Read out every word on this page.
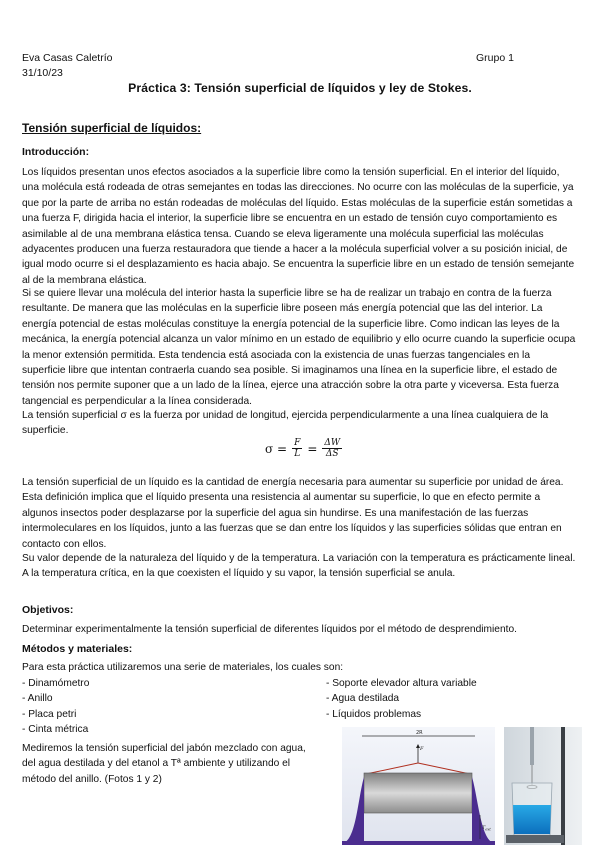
Eva Casas Caletrío
31/10/23
Grupo 1
Práctica 3: Tensión superficial de líquidos y ley de Stokes.
Tensión superficial de líquidos:
Introducción:

Los líquidos presentan unos efectos asociados a la superficie libre como la tensión superficial. En el interior del líquido, una molécula está rodeada de otras semejantes en todas las direcciones. No ocurre con las moléculas de la superficie, ya que por la parte de arriba no están rodeadas de moléculas del líquido. Estas moléculas de la superficie están sometidas a una fuerza F, dirigida hacia el interior, la superficie libre se encuentra en un estado de tensión cuyo comportamiento es asimilable al de una membrana elástica tensa. Cuando se eleva ligeramente una molécula superficial las moléculas adyacentes producen una fuerza restauradora que tiende a hacer a la molécula superficial volver a su posición inicial, de igual modo ocurre si el desplazamiento es hacia abajo. Se encuentra la superficie libre en un estado de tensión semejante al de la membrana elástica.

Si se quiere llevar una molécula del interior hasta la superficie libre se ha de realizar un trabajo en contra de la fuerza resultante. De manera que las moléculas en la superficie libre poseen más energía potencial que las del interior. La energía potencial de estas moléculas constituye la energía potencial de la superficie libre. Como indican las leyes de la mecánica, la energía potencial alcanza un valor mínimo en un estado de equilibrio y ello ocurre cuando la superficie ocupa la menor extensión permitida. Esta tendencia está asociada con la existencia de unas fuerzas tangenciales en la superficie libre que intentan contraerla cuando sea posible. Si imaginamos una línea en la superficie libre, el estado de tensión nos permite suponer que a un lado de la línea, ejerce una atracción sobre la otra parte y viceversa. Esta fuerza tangencial es perpendicular a la línea considerada.

La tensión superficial σ es la fuerza por unidad de longitud, ejercida perpendicularmente a una línea cualquiera de la superficie.

$\sigma = \frac{F}{L} = \frac{\Delta W}{\Delta S}$

La tensión superficial de un líquido es la cantidad de energía necesaria para aumentar su superficie por unidad de área. Esta definición implica que el líquido presenta una resistencia al aumentar su superficie, lo que en efecto permite a algunos insectos poder desplazarse por la superficie del agua sin hundirse. Es una manifestación de las fuerzas intermoleculares en los líquidos, junto a las fuerzas que se dan entre los líquidos y las superficies sólidas que entran en contacto con ellos.

Su valor depende de la naturaleza del líquido y de la temperatura. La variación con la temperatura es prácticamente lineal. A la temperatura crítica, en la que coexisten el líquido y su vapor, la tensión superficial se anula.

Objetivos:

Determinar experimentalmente la tensión superficial de diferentes líquidos por el método de desprendimiento.

Métodos y materiales:

Para esta práctica utilizaremos una serie de materiales, los cuales son:

- Dinamómetro
- Anillo
- Placa petri
- Cinta métrica
- Soporte elevador altura variable
- Agua destilada
- Líquidos problemas

Mediremos la tensión superficial del jabón mezclado con agua, del agua destilada y del etanol a Tª ambiente y utilizando el método del anillo. (Fotos 1 y 2)

2R
F
$T_{ext}$
